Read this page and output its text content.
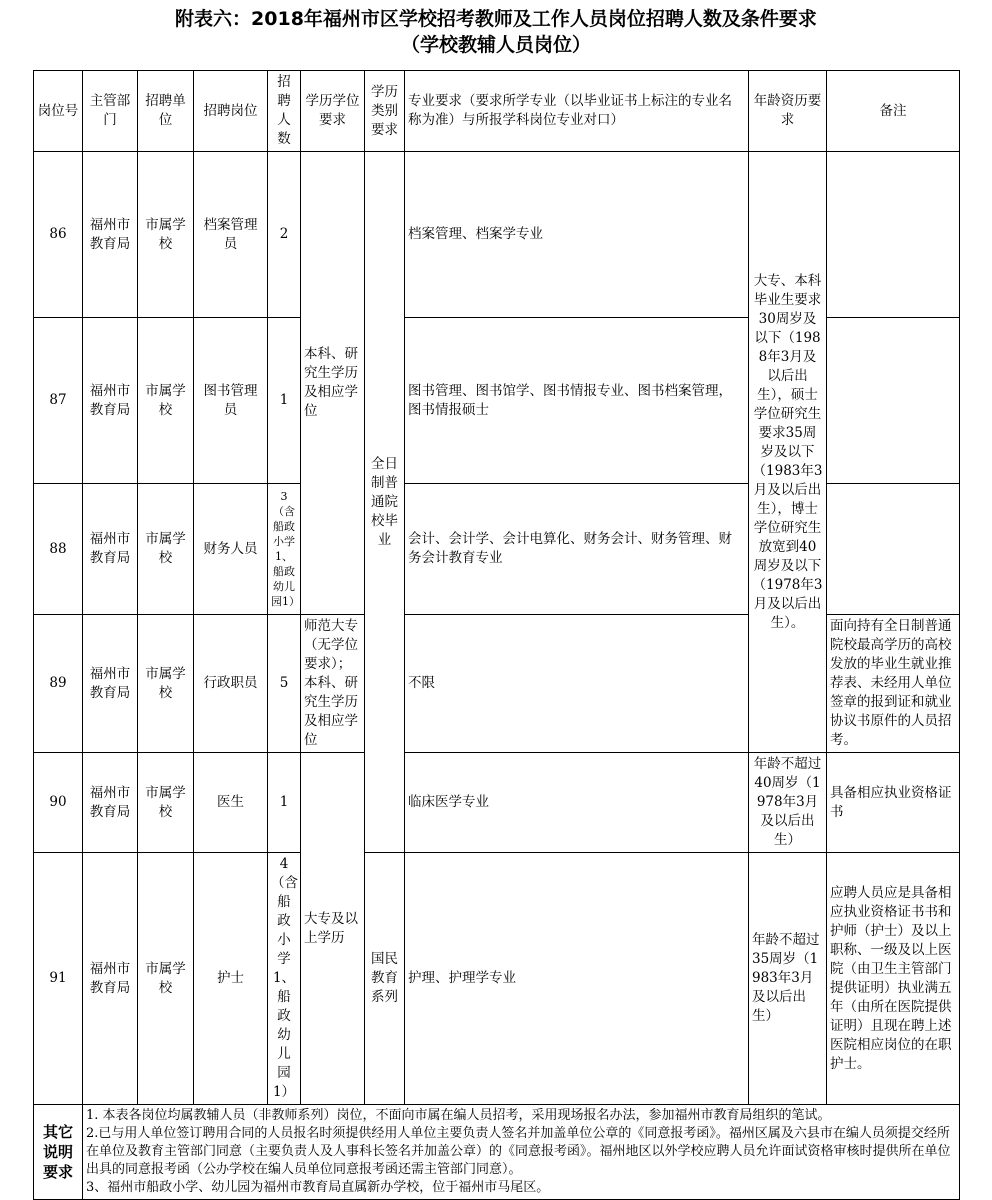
附表六：2018年福州市区学校招考教师及工作人员岗位招聘人数及条件要求
（学校教辅人员岗位）
岗位号	主管部门	招聘单位	招聘岗位	招聘人数	学历学位要求	学历类别要求	专业要求（要求所学专业（以毕业证书上标注的专业名称为准）与所报学科岗位专业对口）	年龄资历要求	备注
86	福州市教育局	市属学校	档案管理员	2	本科、研究生学历及相应学位	全日制普通院校毕业	档案管理、档案学专业	大专、本科毕业生要求30周岁及以下（1988年3月及以后出生），硕士学位研究生要求35周岁及以下（1983年3月及以后出生），博士学位研究生放宽到40周岁及以下（1978年3月及以后出生）。	
87	福州市教育局	市属学校	图书管理员	1			图书管理、图书馆学、图书情报专业、图书档案管理，图书情报硕士		
88	福州市教育局	市属学校	财务人员	3（含船政小学1、船政幼儿园1）			会计、会计学、会计电算化、财务会计、财务管理、财务会计教育专业		
89	福州市教育局	市属学校	行政职员	5	师范大专（无学位要求）；本科、研究生学历及相应学位		不限		面向持有全日制普通院校最高学历的高校发放的毕业生就业推荐表、未经用人单位签章的报到证和就业协议书原件的人员招考。
90	福州市教育局	市属学校	医生	1	大专及以上学历		临床医学专业	年龄不超过40周岁（1978年3月及以后出生）	具备相应执业资格证书
91	福州市教育局	市属学校	护士	4（含船政小学1、船政幼儿园1）		国民教育系列	护理、护理学专业	年龄不超过35周岁（1983年3月及以后出生）	应聘人员应是具备相应执业资格证书书和护师（护士）及以上职称、一级及以上医院（由卫生主管部门提供证明）执业满五年（由所在医院提供证明）且现在聘上述医院相应岗位的在职护士。
其它说明要求	1. 本表各岗位均属教辅人员（非教师系列）岗位，不面向市属在编人员招考，采用现场报名办法，参加福州市教育局组织的笔试。

2.已与用人单位签订聘用合同的人员报名时须提供经用人单位主要负责人签名并加盖单位公章的《同意报考函》。福州区属及六县市在编人员须提交经所在单位及教育主管部门同意（主要负责人及人事科长签名并加盖公章）的《同意报考函》。福州地区以外学校应聘人员允许面试资格审核时提供所在单位出具的同意报考函（公办学校在编人员单位同意报考函还需主管部门同意）。

3、福州市船政小学、幼儿园为福州市教育局直属新办学校，位于福州市马尾区。								
